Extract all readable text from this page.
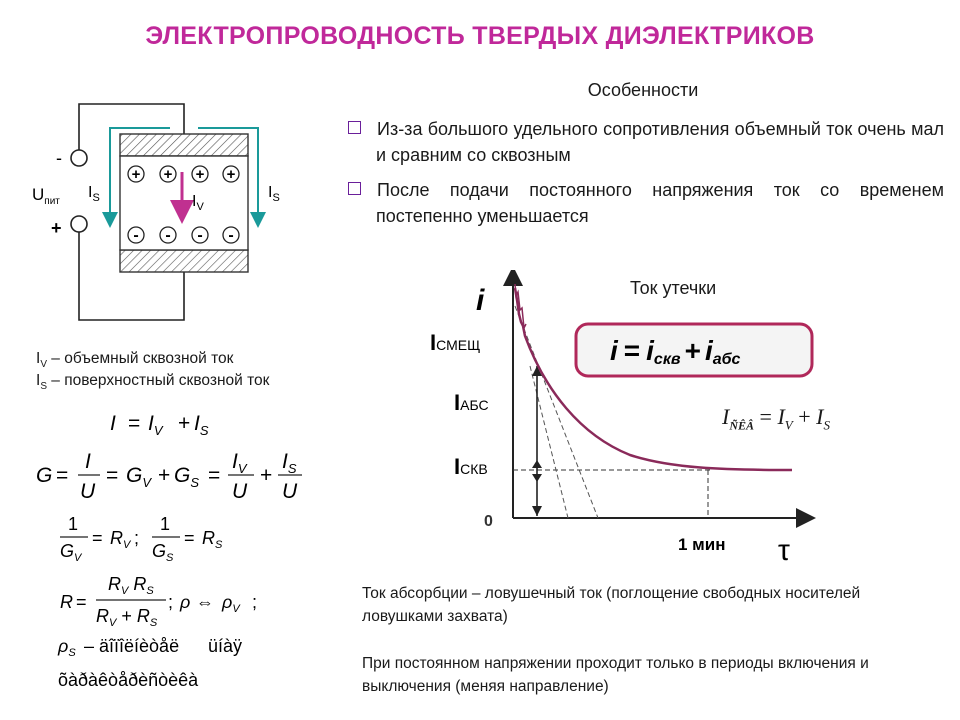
ЭЛЕКТРОПРОВОДНОСТЬ ТВЕРДЫХ ДИЭЛЕКТРИКОВ
Особенности
Из-за большого удельного сопротивления объемный ток очень мал и сравним со сквозным
После подачи постоянного напряжения ток со временем постепенно уменьшается
+ + + +
- - - -
-
+
$U_{пит}$
$I_S$	$I_S$
$I_V$
$I_V$ – объемный сквозной ток
$I_S$ – поверхностный сквозной ток
$I = I_V + I_S$
G =
I
U
= $G_V + G_S$ =
$I_V$
U
+
$I_S$
U
1
$G_V$
= $R_V$ ;
1
$G_S$
= $R_S$
R =
$R_V$ $R_S$
$R_V + R_S$
; ρ ⇔ $\rho_V$ ;
$\rho_S$ – äîïîëíèòåë üíàÿ
õàðàêòåðèñòèêà
Ток утечки
i
τ
0
1 мин
IСМЕЩ
IАБС
IСКВ
i = iскв + iабс
$I_{ÑÊÂ} = I_V + I_S$
Ток абсорбции – ловушечный ток (поглощение свободных носителей ловушками захвата)
При постоянном напряжении проходит только в периоды включения и выключения (меняя направление)
